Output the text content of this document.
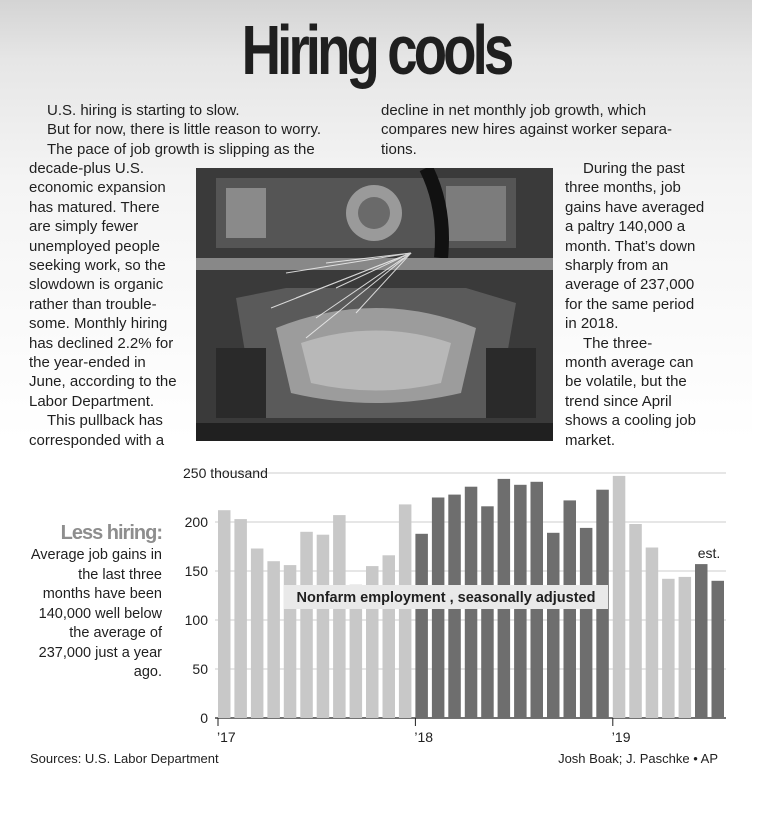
Hiring cools

U.S. hiring is starting to slow.

But for now, there is little reason to worry.

The pace of job growth is slipping as the

decade-plus U.S.

economic expansion

has matured. There

are simply fewer

unemployed people

seeking work, so the

slowdown is organic

rather than trouble-

some. Monthly hiring

has declined 2.2% for

the year-ended in

June, according to the

Labor Department.

This pullback has

corresponded with a

decline in net monthly job growth, which

compares new hires against worker separa-

tions.

During the past

three months, job

gains have averaged

a paltry 140,000 a

month. That’s down

sharply from an

average of 237,000

for the same period

in 2018.

The three-

month average can

be volatile, but the

trend since April

shows a cooling job

market.

Less hiring:
Average job gains in the last three months have been 140,000 well below the average of 237,000 just a year ago.
0
50
100
150
200
250 thousand
’17	’18	’19
Nonfarm employment , seasonally adjusted
est.
Sources: U.S. Labor Department	Josh Boak; J. Paschke • AP
